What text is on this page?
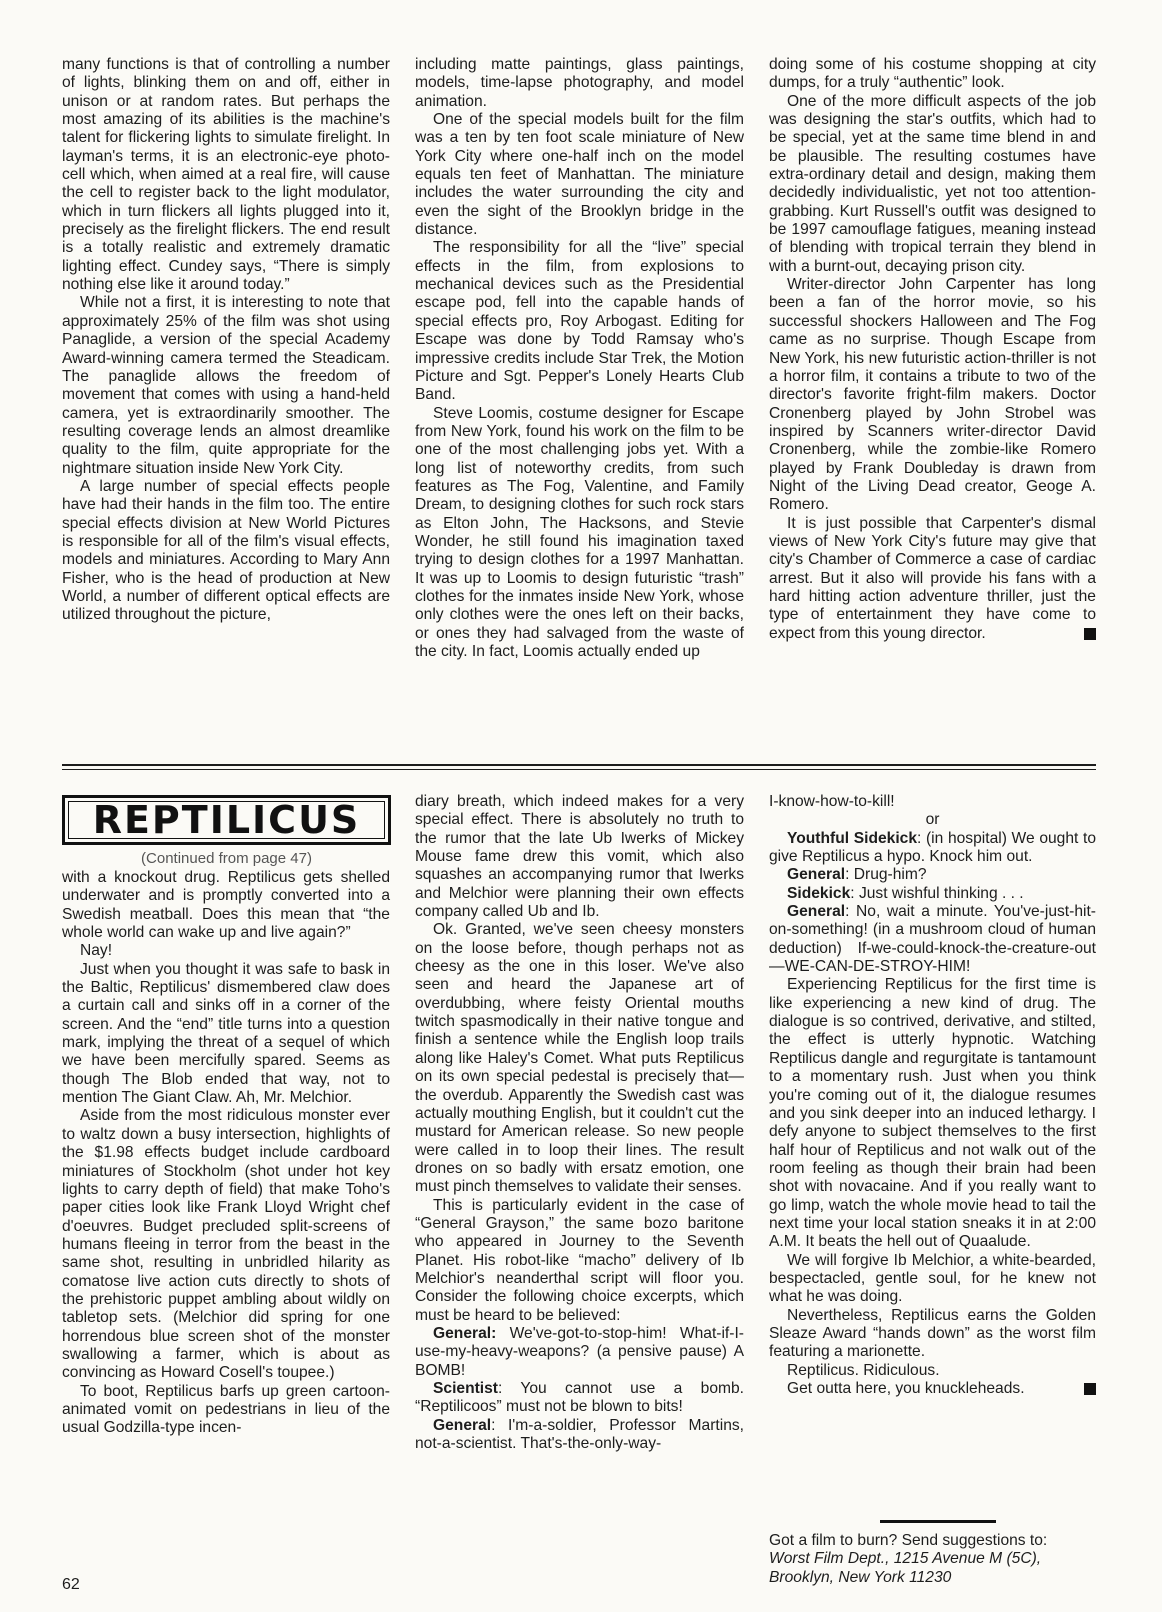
many functions is that of controlling a number of lights, blinking them on and off, either in unison or at random rates. But perhaps the most amazing of its abilities is the machine's talent for flickering lights to simulate firelight. In layman's terms, it is an electronic-eye photo-cell which, when aimed at a real fire, will cause the cell to register back to the light modulator, which in turn flickers all lights plugged into it, precisely as the firelight flickers. The end result is a totally realistic and extremely dramatic lighting effect. Cundey says, “There is simply nothing else like it around today.”

While not a first, it is interesting to note that approximately 25% of the film was shot using Panaglide, a version of the special Academy Award-winning camera termed the Steadicam. The panaglide allows the freedom of movement that comes with using a hand-held camera, yet is extraordinarily smoother. The resulting coverage lends an almost dreamlike quality to the film, quite appropriate for the nightmare situation inside New York City.

A large number of special effects people have had their hands in the film too. The entire special effects division at New World Pictures is responsible for all of the film's visual effects, models and miniatures. According to Mary Ann Fisher, who is the head of production at New World, a number of different optical effects are utilized throughout the picture,

including matte paintings, glass paintings, models, time-lapse photography, and model animation.

One of the special models built for the film was a ten by ten foot scale miniature of New York City where one-half inch on the model equals ten feet of Manhattan. The miniature includes the water surrounding the city and even the sight of the Brooklyn bridge in the distance.

The responsibility for all the “live” special effects in the film, from explosions to mechanical devices such as the Presidential escape pod, fell into the capable hands of special effects pro, Roy Arbogast. Editing for Escape was done by Todd Ramsay who's impressive credits include Star Trek, the Motion Picture and Sgt. Pepper's Lonely Hearts Club Band.

Steve Loomis, costume designer for Escape from New York, found his work on the film to be one of the most challenging jobs yet. With a long list of noteworthy credits, from such features as The Fog, Valentine, and Family Dream, to designing clothes for such rock stars as Elton John, The Hacksons, and Stevie Wonder, he still found his imagination taxed trying to design clothes for a 1997 Manhattan. It was up to Loomis to design futuristic “trash” clothes for the inmates inside New York, whose only clothes were the ones left on their backs, or ones they had salvaged from the waste of the city. In fact, Loomis actually ended up

doing some of his costume shopping at city dumps, for a truly “authentic” look.

One of the more difficult aspects of the job was designing the star's outfits, which had to be special, yet at the same time blend in and be plausible. The resulting costumes have extra-ordinary detail and design, making them decidedly individualistic, yet not too attention-grabbing. Kurt Russell's outfit was designed to be 1997 camouflage fatigues, meaning instead of blending with tropical terrain they blend in with a burnt-out, decaying prison city.

Writer-director John Carpenter has long been a fan of the horror movie, so his successful shockers Halloween and The Fog came as no surprise. Though Escape from New York, his new futuristic action-thriller is not a horror film, it contains a tribute to two of the director's favorite fright-film makers. Doctor Cronenberg played by John Strobel was inspired by Scanners writer-director David Cronenberg, while the zombie-like Romero played by Frank Doubleday is drawn from Night of the Living Dead creator, Geoge A. Romero.

It is just possible that Carpenter's dismal views of New York City's future may give that city's Chamber of Commerce a case of cardiac arrest. But it also will provide his fans with a hard hitting action adventure thriller, just the type of entertainment they have come to expect from this young director.

REPTILICUS
(Continued from page 47)

with a knockout drug. Reptilicus gets shelled underwater and is promptly converted into a Swedish meatball. Does this mean that “the whole world can wake up and live again?”

Nay!

Just when you thought it was safe to bask in the Baltic, Reptilicus' dismembered claw does a curtain call and sinks off in a corner of the screen. And the “end” title turns into a question mark, implying the threat of a sequel of which we have been mercifully spared. Seems as though The Blob ended that way, not to mention The Giant Claw. Ah, Mr. Melchior.

Aside from the most ridiculous monster ever to waltz down a busy intersection, highlights of the $1.98 effects budget include cardboard miniatures of Stockholm (shot under hot key lights to carry depth of field) that make Toho's paper cities look like Frank Lloyd Wright chef d'oeuvres. Budget precluded split-screens of humans fleeing in terror from the beast in the same shot, resulting in unbridled hilarity as comatose live action cuts directly to shots of the prehistoric puppet ambling about wildly on tabletop sets. (Melchior did spring for one horrendous blue screen shot of the monster swallowing a farmer, which is about as convincing as Howard Cosell's toupee.)

To boot, Reptilicus barfs up green cartoon-animated vomit on pedestrians in lieu of the usual Godzilla-type incen-

diary breath, which indeed makes for a very special effect. There is absolutely no truth to the rumor that the late Ub Iwerks of Mickey Mouse fame drew this vomit, which also squashes an accompanying rumor that Iwerks and Melchior were planning their own effects company called Ub and Ib.

Ok. Granted, we've seen cheesy monsters on the loose before, though perhaps not as cheesy as the one in this loser. We've also seen and heard the Japanese art of overdubbing, where feisty Oriental mouths twitch spasmodically in their native tongue and finish a sentence while the English loop trails along like Haley's Comet. What puts Reptilicus on its own special pedestal is precisely that—the overdub. Apparently the Swedish cast was actually mouthing English, but it couldn't cut the mustard for American release. So new people were called in to loop their lines. The result drones on so badly with ersatz emotion, one must pinch themselves to validate their senses.

This is particularly evident in the case of “General Grayson,” the same bozo baritone who appeared in Journey to the Seventh Planet. His robot-like “macho” delivery of Ib Melchior's neanderthal script will floor you. Consider the following choice excerpts, which must be heard to be believed:

General: We've-got-to-stop-him! What-if-I-use-my-heavy-weapons? (a pensive pause) A BOMB!

Scientist: You cannot use a bomb. “Reptilicoos” must not be blown to bits!

General: I'm-a-soldier, Professor Martins, not-a-scientist. That's-the-only-way-

I-know-how-to-kill!

or

Youthful Sidekick: (in hospital) We ought to give Reptilicus a hypo. Knock him out.

General: Drug-him?

Sidekick: Just wishful thinking . . .

General: No, wait a minute. You've-just-hit-on-something! (in a mushroom cloud of human deduction) If-we-could-knock-the-creature-out—WE-CAN-DE-STROY-HIM!

Experiencing Reptilicus for the first time is like experiencing a new kind of drug. The dialogue is so contrived, derivative, and stilted, the effect is utterly hypnotic. Watching Reptilicus dangle and regurgitate is tantamount to a momentary rush. Just when you think you're coming out of it, the dialogue resumes and you sink deeper into an induced lethargy. I defy anyone to subject themselves to the first half hour of Reptilicus and not walk out of the room feeling as though their brain had been shot with novacaine. And if you really want to go limp, watch the whole movie head to tail the next time your local station sneaks it in at 2:00 A.M. It beats the hell out of Quaalude.

We will forgive Ib Melchior, a white-bearded, bespectacled, gentle soul, for he knew not what he was doing.

Nevertheless, Reptilicus earns the Golden Sleaze Award “hands down” as the worst film featuring a marionette.

Reptilicus. Ridiculous.

Get outta here, you knuckleheads.

Got a film to burn? Send suggestions to:
Worst Film Dept., 1215 Avenue M (5C),
Brooklyn, New York 11230
62
